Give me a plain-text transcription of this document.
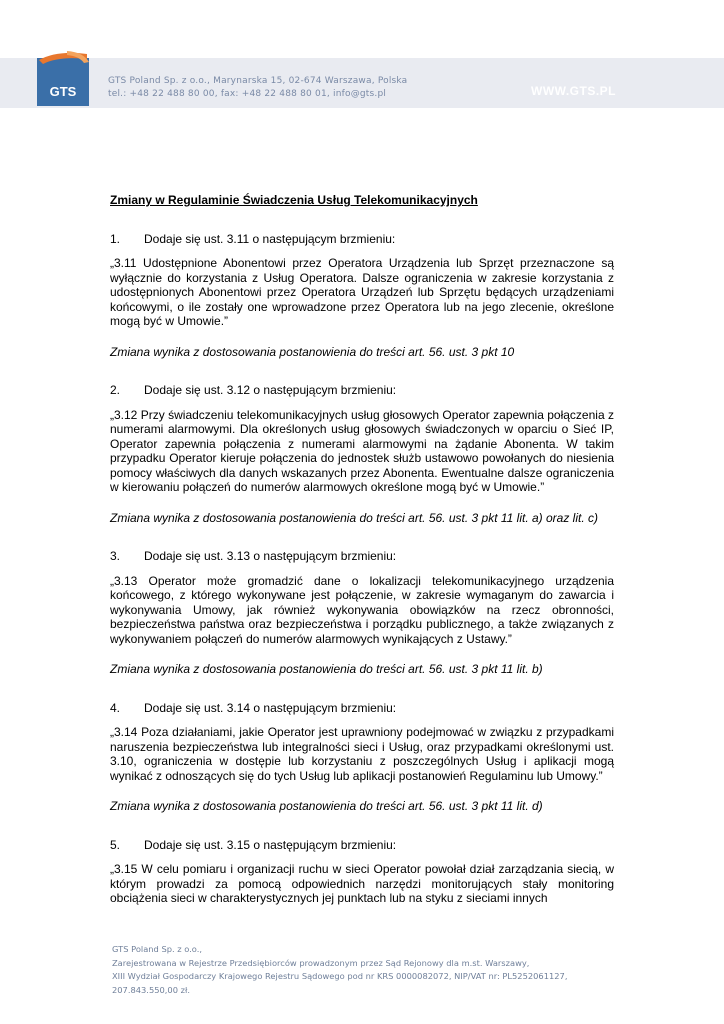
GTS
GTS Poland Sp. z o.o., Marynarska 15, 02-674 Warszawa, Polska
tel.: +48 22 488 80 00, fax: +48 22 488 80 01, info@gts.pl	WWW.GTS.PL

Zmiany w Regulaminie Świadczenia Usług Telekomunikacyjnych

1. Dodaje się ust. 3.11 o następującym brzmieniu:

„3.11 Udostępnione Abonentowi przez Operatora Urządzenia lub Sprzęt przeznaczone są wyłącznie do korzystania z Usług Operatora. Dalsze ograniczenia w zakresie korzystania z udostępnionych Abonentowi przez Operatora Urządzeń lub Sprzętu będących urządzeniami końcowymi, o ile zostały one wprowadzone przez Operatora lub na jego zlecenie, określone mogą być w Umowie.”

Zmiana wynika z dostosowania postanowienia do treści art. 56. ust. 3 pkt 10

2. Dodaje się ust. 3.12 o następującym brzmieniu:

„3.12 Przy świadczeniu telekomunikacyjnych usług głosowych Operator zapewnia połączenia z numerami alarmowymi. Dla określonych usług głosowych świadczonych w oparciu o Sieć IP, Operator zapewnia połączenia z numerami alarmowymi na żądanie Abonenta. W takim przypadku Operator kieruje połączenia do jednostek służb ustawowo powołanych do niesienia pomocy właściwych dla danych wskazanych przez Abonenta. Ewentualne dalsze ograniczenia w kierowaniu połączeń do numerów alarmowych określone mogą być w Umowie.”

Zmiana wynika z dostosowania postanowienia do treści art. 56. ust. 3 pkt 11 lit. a) oraz lit. c)

3. Dodaje się ust. 3.13 o następującym brzmieniu:

„3.13 Operator może gromadzić dane o lokalizacji telekomunikacyjnego urządzenia końcowego, z którego wykonywane jest połączenie, w zakresie wymaganym do zawarcia i wykonywania Umowy, jak również wykonywania obowiązków na rzecz obronności, bezpieczeństwa państwa oraz bezpieczeństwa i porządku publicznego, a także związanych z wykonywaniem połączeń do numerów alarmowych wynikających z Ustawy.”

Zmiana wynika z dostosowania postanowienia do treści art. 56. ust. 3 pkt 11 lit. b)

4. Dodaje się ust. 3.14 o następującym brzmieniu:

„3.14 Poza działaniami, jakie Operator jest uprawniony podejmować w związku z przypadkami naruszenia bezpieczeństwa lub integralności sieci i Usług, oraz przypadkami określonymi ust. 3.10, ograniczenia w dostępie lub korzystaniu z poszczególnych Usług i aplikacji mogą wynikać z odnoszących się do tych Usług lub aplikacji postanowień Regulaminu lub Umowy.”

Zmiana wynika z dostosowania postanowienia do treści art. 56. ust. 3 pkt 11 lit. d)

5. Dodaje się ust. 3.15 o następującym brzmieniu:

„3.15 W celu pomiaru i organizacji ruchu w sieci Operator powołał dział zarządzania siecią, w którym prowadzi za pomocą odpowiednich narzędzi monitorujących stały monitoring obciążenia sieci w charakterystycznych jej punktach lub na styku z sieciami innych

GTS Poland Sp. z o.o.,
Zarejestrowana w Rejestrze Przedsiębiorców prowadzonym przez Sąd Rejonowy dla m.st. Warszawy,
XIII Wydział Gospodarczy Krajowego Rejestru Sądowego pod nr KRS 0000082072, NIP/VAT nr: PL5252061127,
207.843.550,00 zł.
